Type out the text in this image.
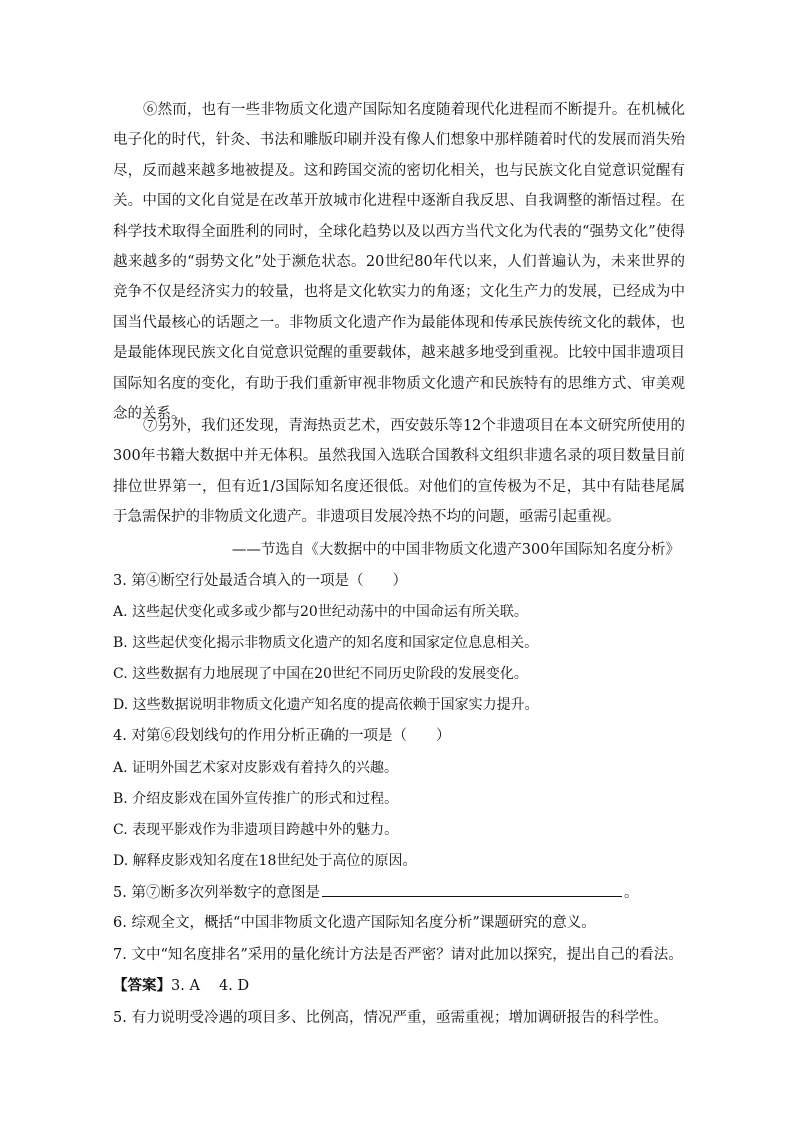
⑥然而，也有一些非物质文化遗产国际知名度随着现代化进程而不断提升。在机械化电子化的时代，针灸、书法和雕版印刷并没有像人们想象中那样随着时代的发展而消失殆尽，反而越来越多地被提及。这和跨国交流的密切化相关，也与民族文化自觉意识觉醒有关。中国的文化自觉是在改革开放城市化进程中逐渐自我反思、自我调整的渐悟过程。在科学技术取得全面胜利的同时，全球化趋势以及以西方当代文化为代表的“强势文化”使得越来越多的“弱势文化”处于濒危状态。20世纪80年代以来，人们普遍认为，未来世界的竞争不仅是经济实力的较量，也将是文化软实力的角逐；文化生产力的发展，已经成为中国当代最核心的话题之一。非物质文化遗产作为最能体现和传承民族传统文化的载体，也是最能体现民族文化自觉意识觉醒的重要载体，越来越多地受到重视。比较中国非遗项目国际知名度的变化，有助于我们重新审视非物质文化遗产和民族特有的思维方式、审美观念的关系。

⑦另外，我们还发现，青海热贡艺术，西安鼓乐等12个非遗项目在本文研究所使用的300年书籍大数据中并无体积。虽然我国入选联合国教科文组织非遗名录的项目数量目前排位世界第一，但有近1/3国际知名度还很低。对他们的宣传极为不足，其中有陆巷尾属于急需保护的非物质文化遗产。非遗项目发展冷热不均的问题，亟需引起重视。

——节选自《大数据中的中国非物质文化遗产300年国际知名度分析》

3. 第④断空行处最适合填入的一项是（　　）

A. 这些起伏变化或多或少都与20世纪动荡中的中国命运有所关联。

B. 这些起伏变化揭示非物质文化遗产的知名度和国家定位息息相关。

C. 这些数据有力地展现了中国在20世纪不同历史阶段的发展变化。

D. 这些数据说明非物质文化遗产知名度的提高依赖于国家实力提升。

4. 对第⑥段划线句的作用分析正确的一项是（　　）

A. 证明外国艺术家对皮影戏有着持久的兴趣。

B. 介绍皮影戏在国外宣传推广的形式和过程。

C. 表现平影戏作为非遗项目跨越中外的魅力。

D. 解释皮影戏知名度在18世纪处于高位的原因。

5. 第⑦断多次列举数字的意图是	。

6. 综观全文，概括“中国非物质文化遗产国际知名度分析”课题研究的意义。

7. 文中“知名度排名”采用的量化统计方法是否严密？请对此加以探究，提出自己的看法。

【答案】3. A　 4. D

5. 有力说明受冷遇的项目多、比例高，情况严重，亟需重视；增加调研报告的科学性。
